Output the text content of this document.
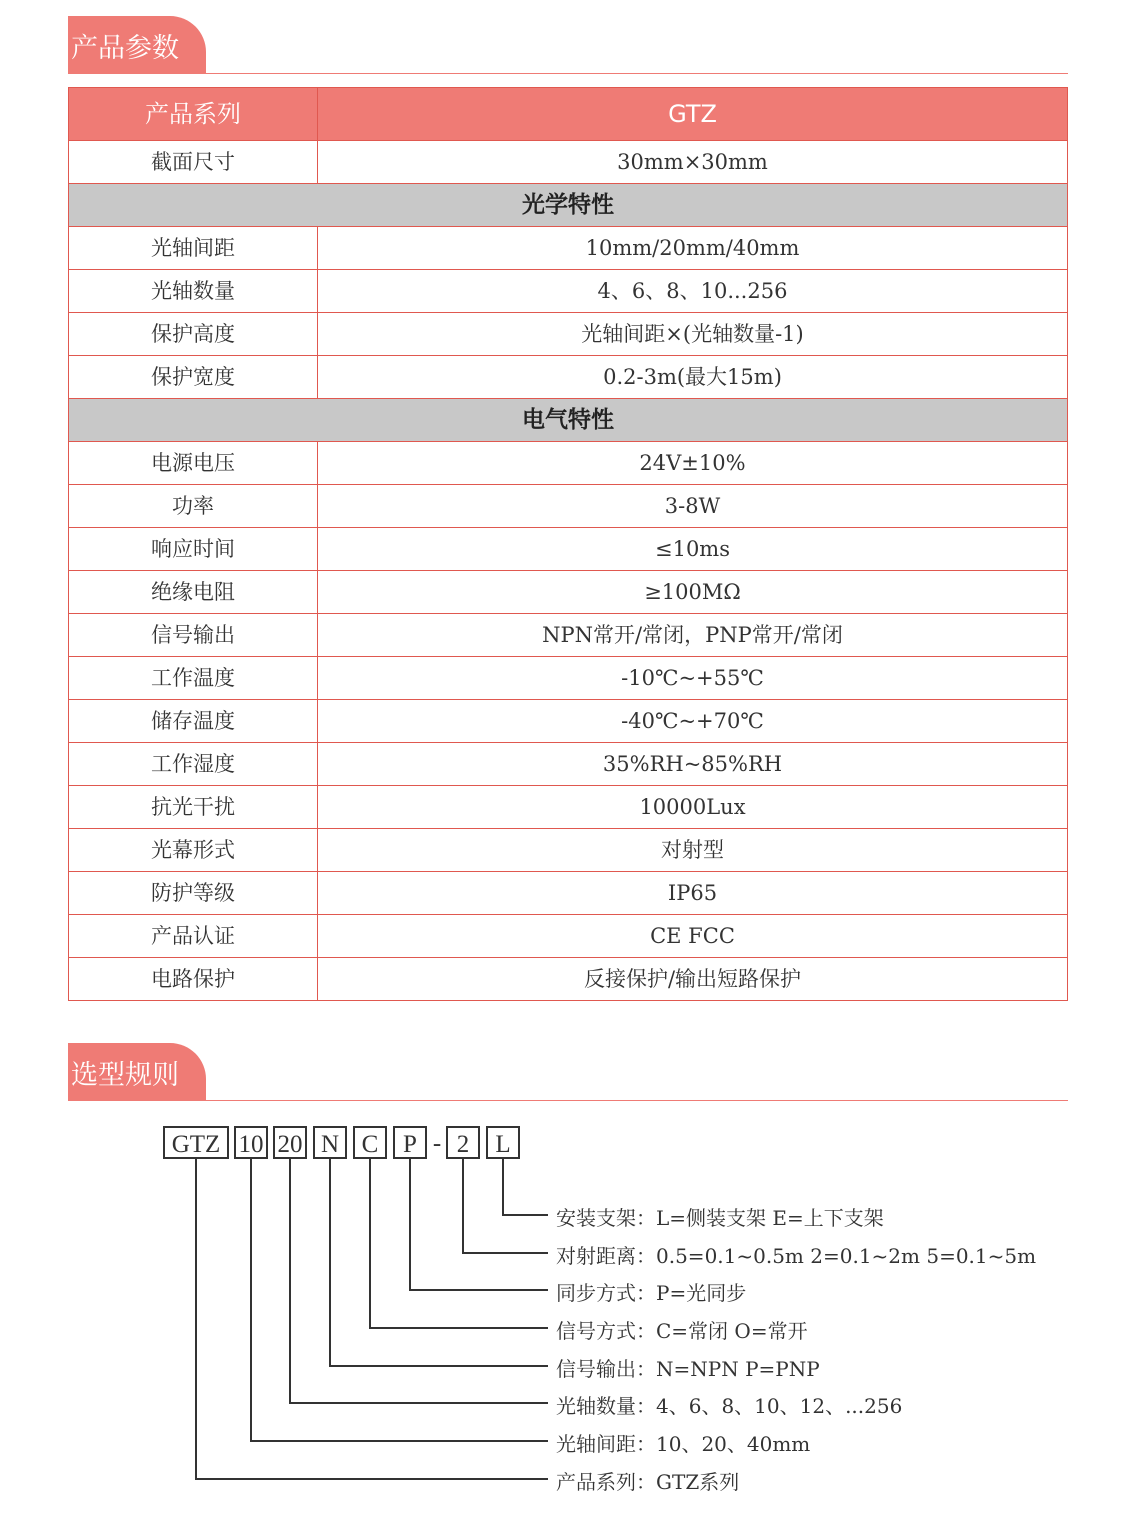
产品参数
产品系列	GTZ
截面尺寸	30mm×30mm
光学特性	
光轴间距	10mm/20mm/40mm
光轴数量	4、6、8、10...256
保护高度	光轴间距×(光轴数量-1)
保护宽度	0.2-3m(最大15m)
电气特性	
电源电压	24V±10%
功率	3-8W
响应时间	≤10ms
绝缘电阻	≥100MΩ
信号输出	NPN常开/常闭，PNP常开/常闭
工作温度	-10℃~+55℃
储存温度	-40℃~+70℃
工作湿度	35%RH~85%RH
抗光干扰	10000Lux
光幕形式	对射型
防护等级	IP65
产品认证	CE FCC
电路保护	反接保护/输出短路保护
选型规则
GTZ 10 20 N C P - 2 L
安装支架：L=侧装支架 E=上下支架
对射距离：0.5=0.1~0.5m 2=0.1~2m 5=0.1~5m
同步方式：P=光同步
信号方式：C=常闭 O=常开
信号输出：N=NPN P=PNP
光轴数量：4、6、8、10、12、...256
光轴间距：10、20、40mm
产品系列：GTZ系列
